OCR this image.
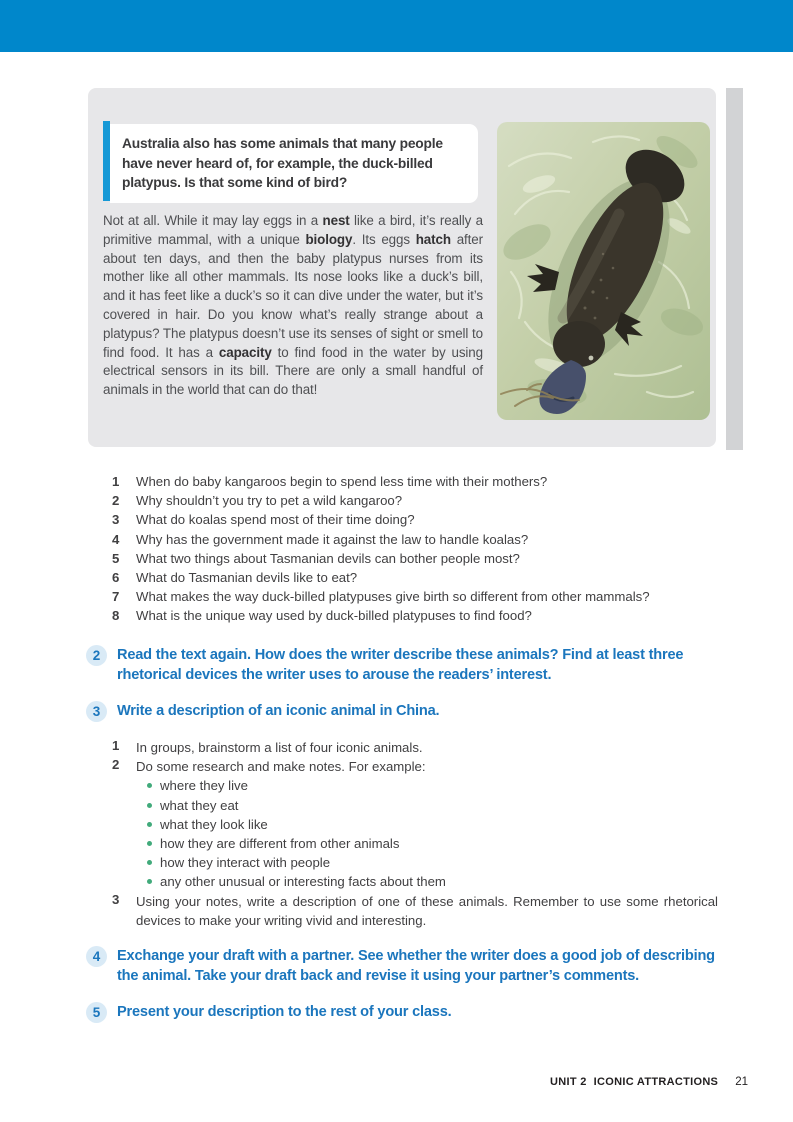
Australia also has some animals that many people have never heard of, for example, the duck-billed platypus. Is that some kind of bird?

Not at all. While it may lay eggs in a nest like a bird, it’s really a primitive mammal, with a unique biology. Its eggs hatch after about ten days, and then the baby platypus nurses from its mother like all other mammals. Its nose looks like a duck’s bill, and it has feet like a duck’s so it can dive under the water, but it’s covered in hair. Do you know what’s really strange about a platypus? The platypus doesn’t use its senses of sight or smell to find food. It has a capacity to find food in the water by using electrical sensors in its bill. There are only a small handful of animals in the world that can do that!

1	When do baby kangaroos begin to spend less time with their mothers?
2	Why shouldn’t you try to pet a wild kangaroo?
3	What do koalas spend most of their time doing?
4	Why has the government made it against the law to handle koalas?
5	What two things about Tasmanian devils can bother people most?
6	What do Tasmanian devils like to eat?
7	What makes the way duck-billed platypuses give birth so different from other mammals?
8	What is the unique way used by duck-billed platypuses to find food?
2	Read the text again. How does the writer describe these animals? Find at least three rhetorical devices the writer uses to arouse the readers’ interest.
3	Write a description of an iconic animal in China.
1	In groups, brainstorm a list of four iconic animals.
2	Do some research and make notes. For example:
where they live
what they eat
what they look like
how they are different from other animals
how they interact with people
any other unusual or interesting facts about them
3	Using your notes, write a description of one of these animals. Remember to use some rhetorical devices to make your writing vivid and interesting.
4	Exchange your draft with a partner. See whether the writer does a good job of describing the animal. Take your draft back and revise it using your partner’s comments.
5	Present your description to the rest of your class.
UNIT 2 ICONIC ATTRACTIONS 21
